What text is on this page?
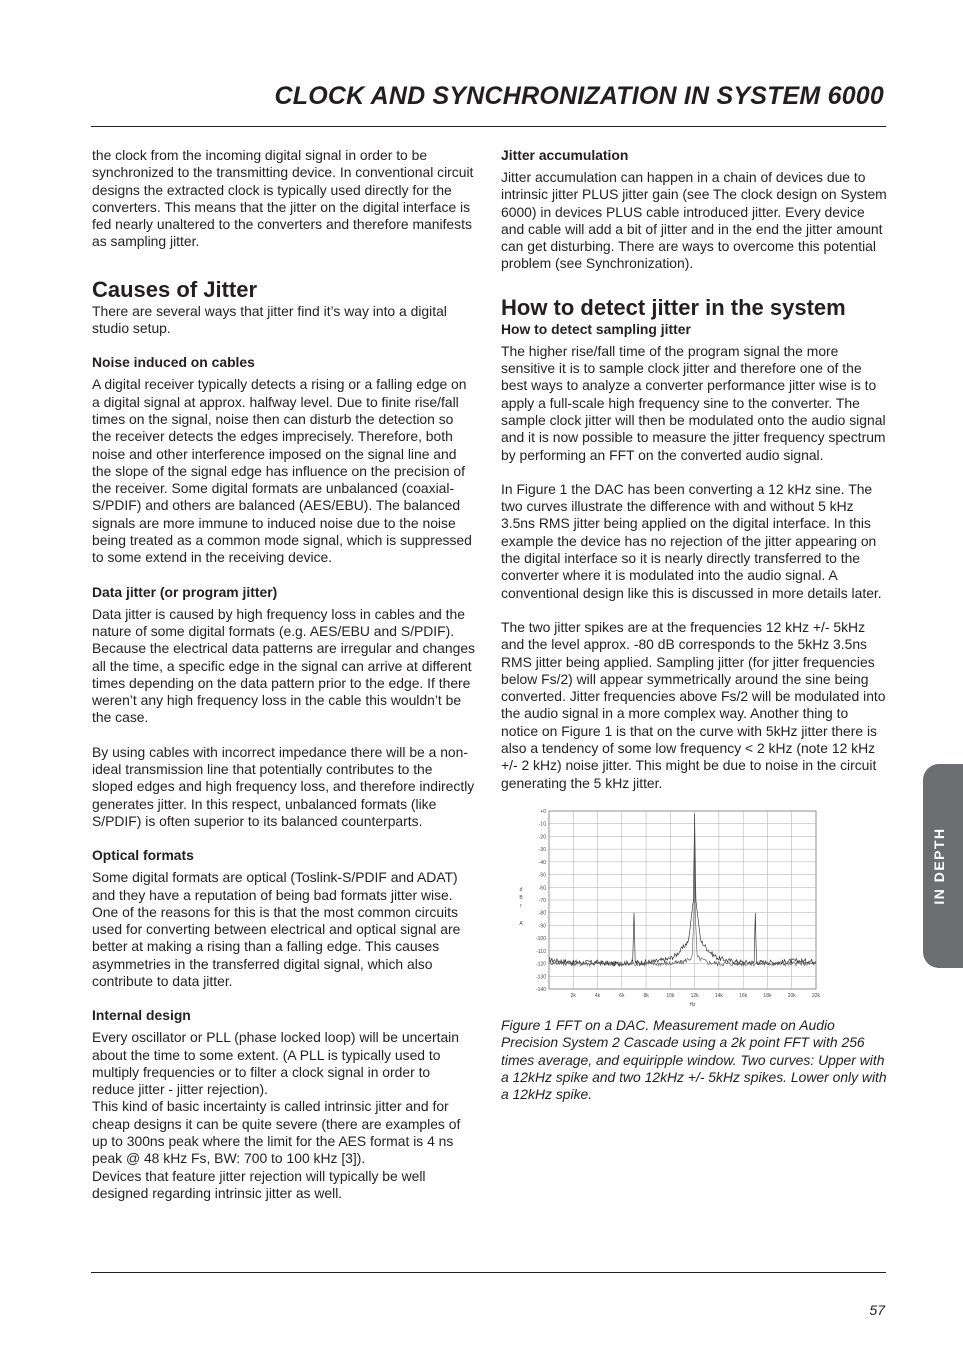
CLOCK AND SYNCHRONIZATION IN SYSTEM 6000

the clock from the incoming digital signal in order to be synchronized to the transmitting device. In conventional circuit designs the extracted clock is typically used directly for the converters. This means that the jitter on the digital interface is fed nearly unaltered to the converters and therefore manifests as sampling jitter.

Causes of Jitter

There are several ways that jitter find it’s way into a digital studio setup.

Noise induced on cables

A digital receiver typically detects a rising or a falling edge on a digital signal at approx. halfway level. Due to finite rise/fall times on the signal, noise then can disturb the detection so the receiver detects the edges imprecisely. Therefore, both noise and other interference imposed on the signal line and the slope of the signal edge has influence on the precision of the receiver. Some digital formats are unbalanced (coaxial-S/PDIF) and others are balanced (AES/EBU). The balanced signals are more immune to induced noise due to the noise being treated as a common mode signal, which is suppressed to some extend in the receiving device.

Data jitter (or program jitter)

Data jitter is caused by high frequency loss in cables and the nature of some digital formats (e.g. AES/EBU and S/PDIF). Because the electrical data patterns are irregular and changes all the time, a specific edge in the signal can arrive at different times depending on the data pattern prior to the edge. If there weren’t any high frequency loss in the cable this wouldn’t be the case.

By using cables with incorrect impedance there will be a non-ideal transmission line that potentially contributes to the sloped edges and high frequency loss, and therefore indirectly generates jitter. In this respect, unbalanced formats (like S/PDIF) is often superior to its balanced counterparts.

Optical formats

Some digital formats are optical (Toslink-S/PDIF and ADAT) and they have a reputation of being bad formats jitter wise. One of the reasons for this is that the most common circuits used for converting between electrical and optical signal are better at making a rising than a falling edge. This causes asymmetries in the transferred digital signal, which also contribute to data jitter.

Internal design

Every oscillator or PLL (phase locked loop) will be uncertain about the time to some extent. (A PLL is typically used to multiply frequencies or to filter a clock signal in order to reduce jitter - jitter rejection).

This kind of basic incertainty is called intrinsic jitter and for cheap designs it can be quite severe (there are examples of up to 300ns peak where the limit for the AES format is 4 ns peak @ 48 kHz Fs, BW: 700 to 100 kHz [3]).

Devices that feature jitter rejection will typically be well designed regarding intrinsic jitter as well.

Jitter accumulation

Jitter accumulation can happen in a chain of devices due to intrinsic jitter PLUS jitter gain (see The clock design on System 6000) in devices PLUS cable introduced jitter. Every device and cable will add a bit of jitter and in the end the jitter amount can get disturbing. There are ways to overcome this potential problem (see Synchronization).

How to detect jitter in the system
How to detect sampling jitter

The higher rise/fall time of the program signal the more sensitive it is to sample clock jitter and therefore one of the best ways to analyze a converter performance jitter wise is to apply a full-scale high frequency sine to the converter. The sample clock jitter will then be modulated onto the audio signal and it is now possible to measure the jitter frequency spectrum by performing an FFT on the converted audio signal.

In Figure 1 the DAC has been converting a 12 kHz sine. The two curves illustrate the difference with and without 5 kHz 3.5ns RMS jitter being applied on the digital interface. In this example the device has no rejection of the jitter appearing on the digital interface so it is nearly directly transferred to the converter where it is modulated into the audio signal. A conventional design like this is discussed in more details later.

The two jitter spikes are at the frequencies 12 kHz +/- 5kHz and the level approx. -80 dB corresponds to the 5kHz 3.5ns RMS jitter being applied. Sampling jitter (for jitter frequencies below Fs/2) will appear symmetrically around the sine being converted. Jitter frequencies above Fs/2 will be modulated into the audio signal in a more complex way. Another thing to notice on Figure 1 is that on the curve with 5kHz jitter there is also a tendency of some low frequency < 2 kHz (note 12 kHz +/- 2 kHz) noise jitter. This might be due to noise in the circuit generating the 5 kHz jitter.

+0
-10
-20
-30
-40
-50
-60
-70
-80
-90
-100
-110
-120
-130
-140
2k	4k	6k	8k	10k	12k	14k	16k	18k	20k	22k
Hz
d
B
r
A

Figure 1 FFT on a DAC. Measurement made on Audio Precision System 2 Cascade using a 2k point FFT with 256 times average, and equiripple window. Two curves: Upper with a 12kHz spike and two 12kHz +/- 5kHz spikes. Lower only with a 12kHz spike.

IN DEPTH
57
